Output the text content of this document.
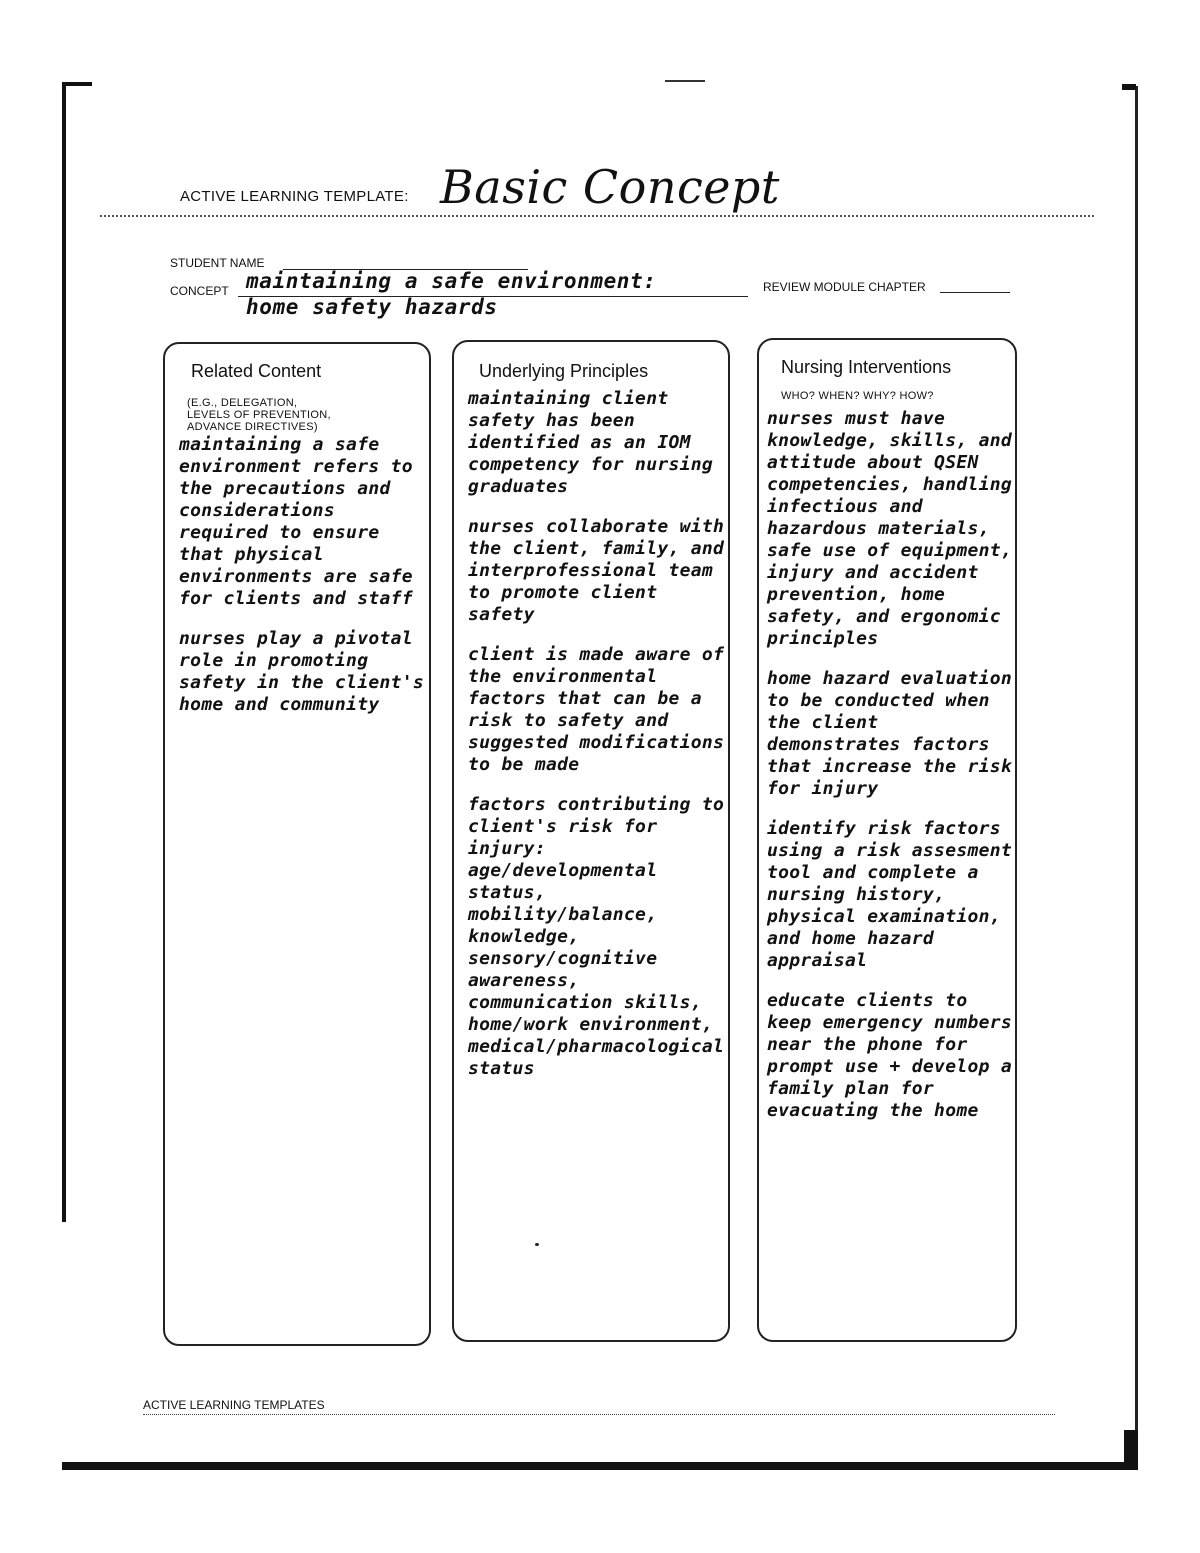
ACTIVE LEARNING TEMPLATE: Basic Concept
STUDENT NAME
CONCEPT maintaining a safe environment:
home safety hazards
REVIEW MODULE CHAPTER
Related Content
(E.G., DELEGATION,
LEVELS OF PREVENTION,
ADVANCE DIRECTIVES)

maintaining a safe environment refers to the precautions and considerations required to ensure that physical environments are safe for clients and staff

nurses play a pivotal role in promoting safety in the client's home and community

Underlying Principles

maintaining client safety has been identified as an IOM competency for nursing graduates

nurses collaborate with the client, family, and interprofessional team to promote client safety

client is made aware of the environmental factors that can be a risk to safety and suggested modifications to be made

factors contributing to client's risk for injury: age/developmental status, mobility/balance, knowledge, sensory/cognitive awareness, communication skills, home/work environment, medical/pharmacological status

Nursing Interventions
WHO? WHEN? WHY? HOW?

nurses must have knowledge, skills, and attitude about QSEN competencies, handling infectious and hazardous materials, safe use of equipment, injury and accident prevention, home safety, and ergonomic principles

home hazard evaluation to be conducted when the client demonstrates factors that increase the risk for injury

identify risk factors using a risk assesment tool and complete a nursing history, physical examination, and home hazard appraisal

educate clients to keep emergency numbers near the phone for prompt use + develop a family plan for evacuating the home

ACTIVE LEARNING TEMPLATES
